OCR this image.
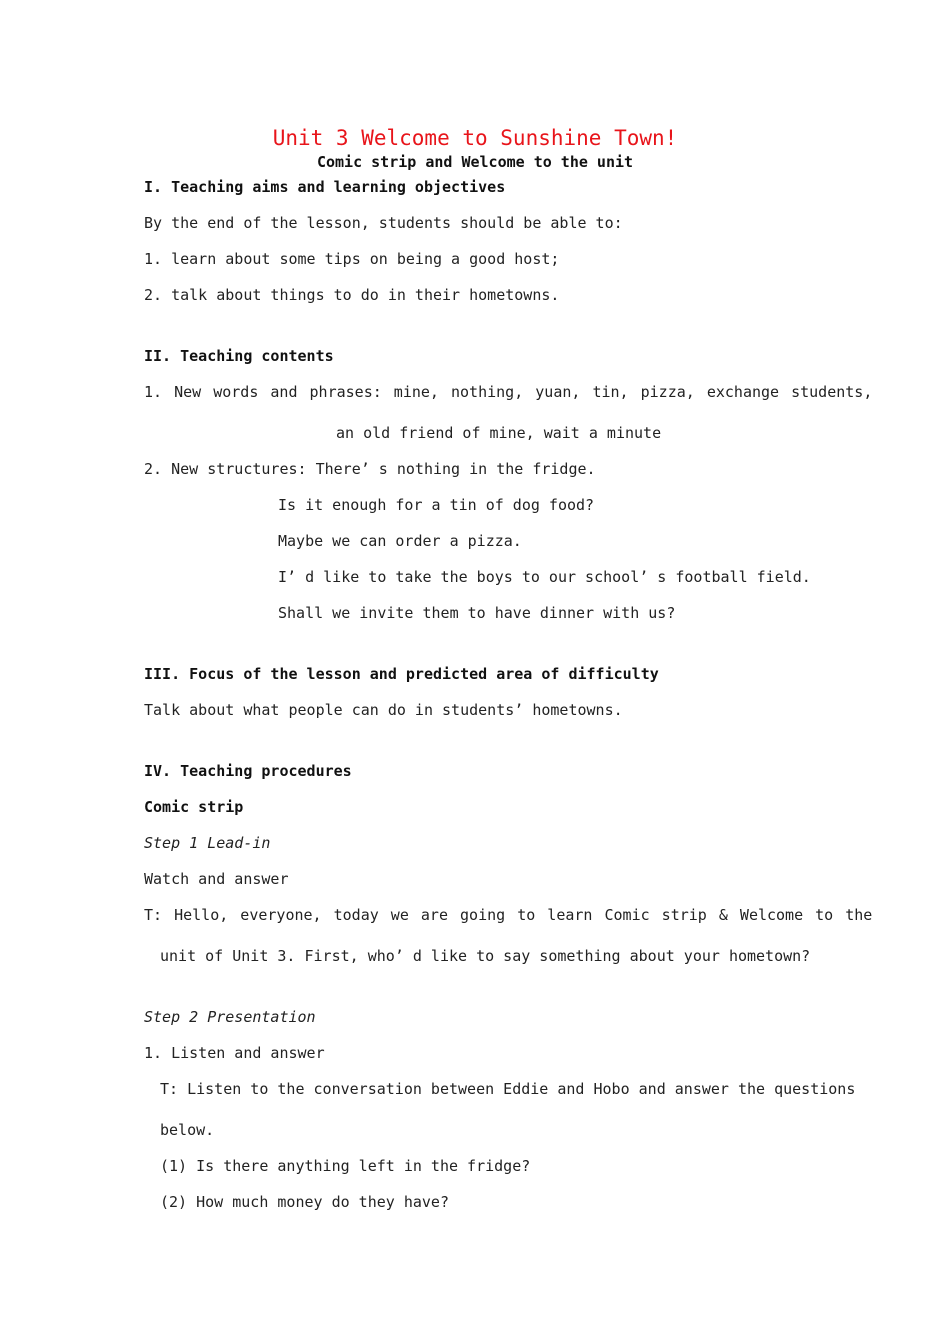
Unit 3 Welcome to Sunshine Town!
Comic strip and Welcome to the unit
I. Teaching aims and learning objectives
By the end of the lesson, students should be able to:
1. learn about some tips on being a good host;
2. talk about things to do in their hometowns.
II. Teaching contents
1. New words and phrases: mine, nothing, yuan, tin, pizza, exchange students,
an old friend of mine, wait a minute
2. New structures: There’ s nothing in the fridge.
Is it enough for a tin of dog food?
Maybe we can order a pizza.
I’ d like to take the boys to our school’ s football field.
Shall we invite them to have dinner with us?
III. Focus of the lesson and predicted area of difficulty
Talk about what people can do in students’ hometowns.
IV. Teaching procedures
Comic strip
Step 1 Lead-in
Watch and answer
T: Hello, everyone, today we are going to learn Comic strip & Welcome to the
unit of Unit 3. First, who’ d like to say something about your hometown?
Step 2 Presentation
1. Listen and answer
T: Listen to the conversation between Eddie and Hobo and answer the questions
below.
(1) Is there anything left in the fridge?
(2) How much money do they have?
